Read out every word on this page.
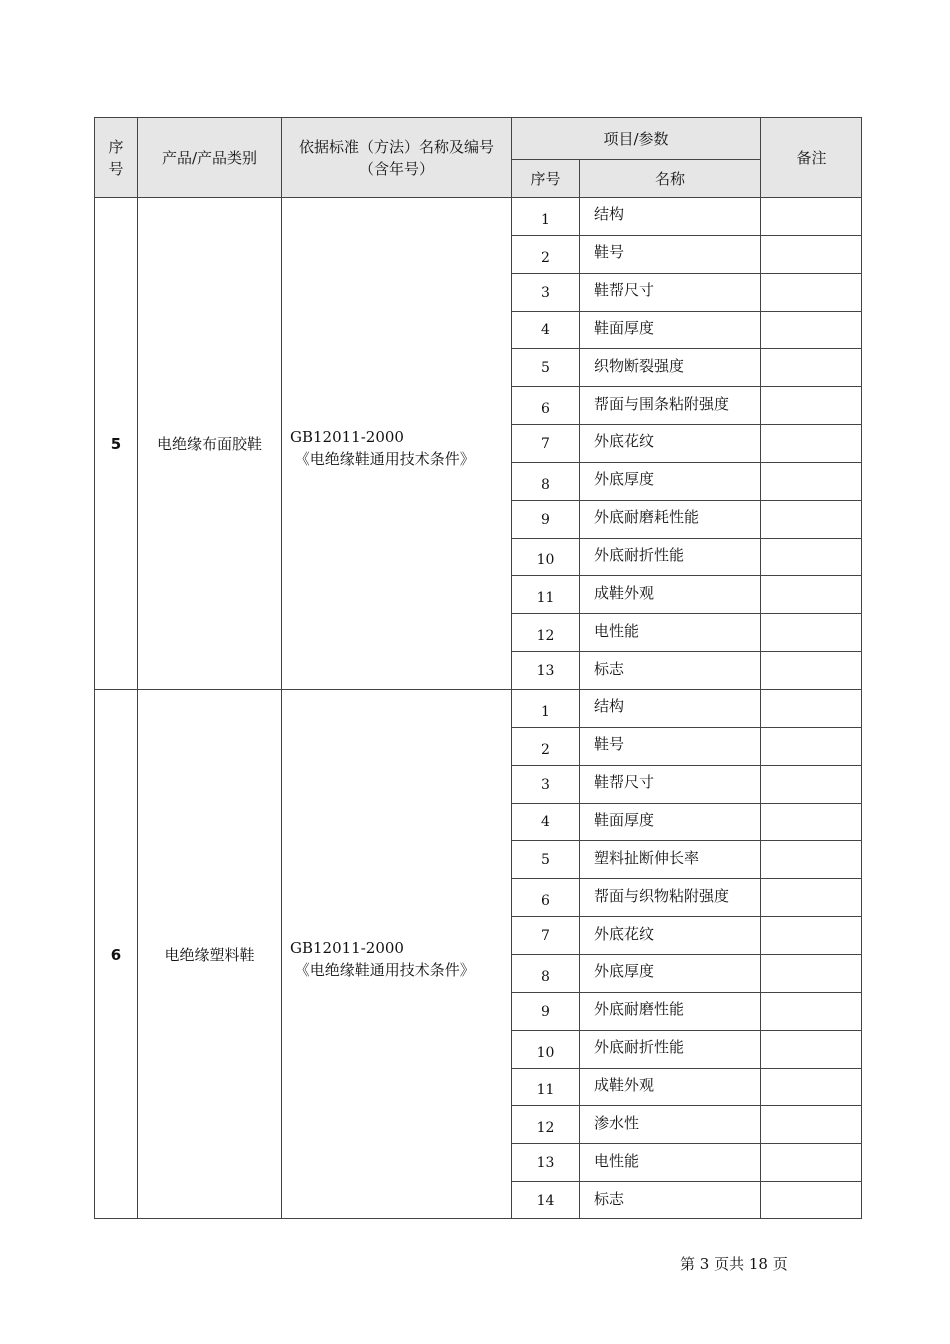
序号
产品/产品类别
依据标准（方法）名称及编号（含年号）
项目/参数
序号	名称
备注
5 电绝缘布面胶鞋 GB12011-2000
《电绝缘鞋通用技术条件》
1	结构
2	鞋号
3	鞋帮尺寸
4	鞋面厚度
5	织物断裂强度
6	帮面与围条粘附强度
7	外底花纹
8	外底厚度
9	外底耐磨耗性能
10	外底耐折性能
11	成鞋外观
12	电性能
13	标志
6	电绝缘塑料鞋 GB12011-2000
《电绝缘鞋通用技术条件》
1	结构
2	鞋号
3	鞋帮尺寸
4	鞋面厚度
5	塑料扯断伸长率
6	帮面与织物粘附强度
7	外底花纹
8	外底厚度
9	外底耐磨性能
10	外底耐折性能
11	成鞋外观
12	渗水性
13	电性能
14	标志
第 3 页共 18 页
